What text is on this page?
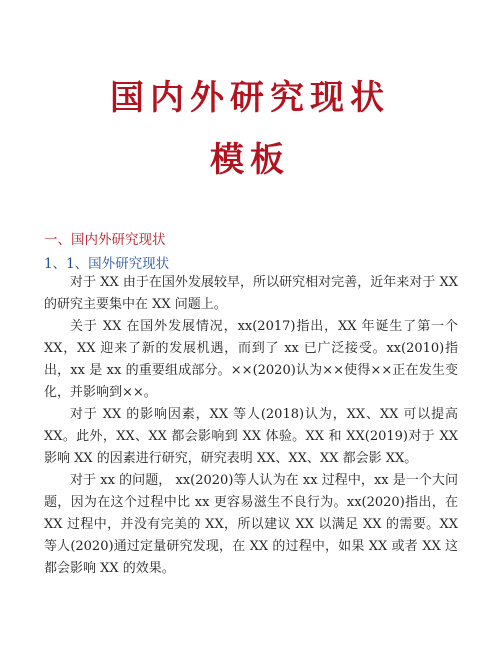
国内外研究现状
模板
一、国内外研究现状
1、1、国外研究现状

对于 XX 由于在国外发展较早，所以研究相对完善，近年来对于 XX 的研究主要集中在 XX 问题上。

关于 XX 在国外发展情况，xx(2017)指出，XX 年诞生了第一个 XX，XX 迎来了新的发展机遇，而到了 xx 已广泛接受。xx(2010)指出，xx 是 xx 的重要组成部分。××(2020)认为××使得××正在发生变化，并影响到××。

对于 XX 的影响因素，XX 等人(2018)认为，XX、XX 可以提高 XX。此外，XX、XX 都会影响到 XX 体验。XX 和 XX(2019)对于 XX 影响 XX 的因素进行研究，研究表明 XX、XX、XX 都会影 XX。

对于 xx 的问题， xx(2020)等人认为在 xx 过程中，xx 是一个大问题，因为在这个过程中比 xx 更容易滋生不良行为。xx(2020)指出，在 XX 过程中，并没有完美的 XX，所以建议 XX 以满足 XX 的需要。XX 等人(2020)通过定量研究发现，在 XX 的过程中，如果 XX 或者 XX 这都会影响 XX 的效果。
